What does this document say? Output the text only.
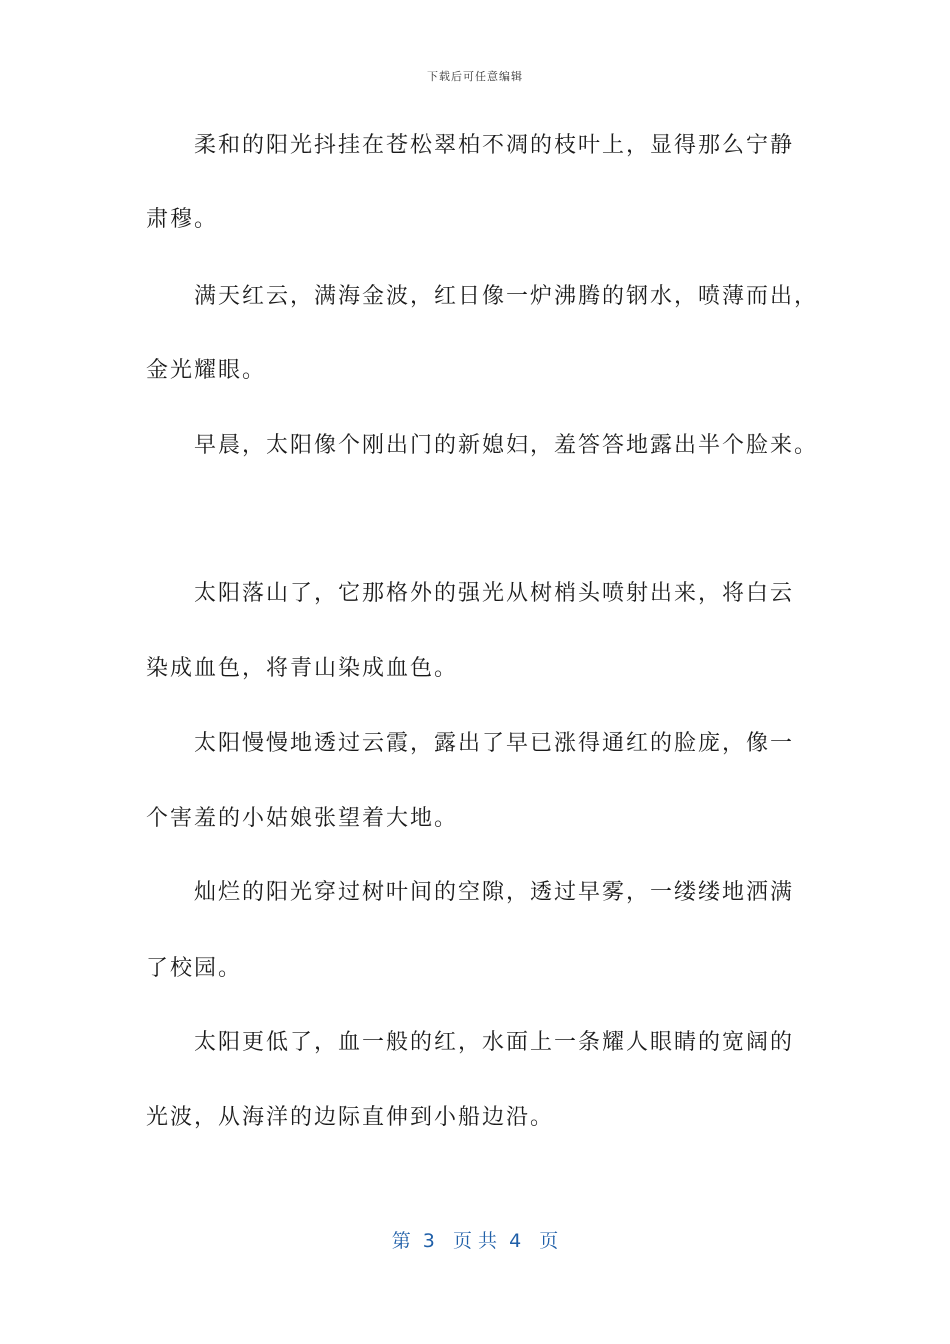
下载后可任意编辑
柔和的阳光抖挂在苍松翠柏不凋的枝叶上，显得那么宁静
肃穆。
满天红云，满海金波，红日像一炉沸腾的钢水，喷薄而出，
金光耀眼。
早晨，太阳像个刚出门的新媳妇，羞答答地露出半个脸来。
太阳落山了，它那格外的强光从树梢头喷射出来，将白云
染成血色，将青山染成血色。
太阳慢慢地透过云霞，露出了早已涨得通红的脸庞，像一
个害羞的小姑娘张望着大地。
灿烂的阳光穿过树叶间的空隙，透过早雾，一缕缕地洒满
了校园。
太阳更低了，血一般的红，水面上一条耀人眼睛的宽阔的
光波，从海洋的边际直伸到小船边沿。
第  3   页 共  4   页
